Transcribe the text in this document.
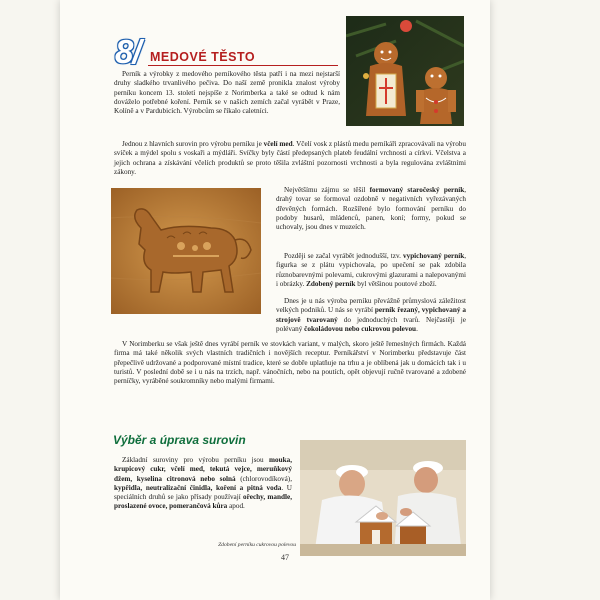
8/ MEDOVÉ TĚSTO

Perník a výrobky z medového perníkového těsta patří i na mezi nejstarší druhy sladkého trvanlivého pečiva. Do naší země pronikla znalost výroby perníku koncem 13. století nejspíše z Norimberka a také se odtud k nám dováželo potřebné koření. Perník se v našich zemích začal vyrábět v Praze, Kolíně a v Pardubicích. Výrobcům se říkalo caletníci.

Jednou z hlavních surovin pro výrobu perníku je včelí med. Včelí vosk z plástů medu perníkáři zpracovávali na výrobu svíček a mýdel spolu s voskaři a mýdláři. Svíčky byly částí předepsaných plateb feudální vrchnosti a církvi. Včelstva a jejich ochrana a získávání včelích produktů se proto těšila zvláštní pozornosti vrchnosti a byla regulována zvláštními zákony.

Největšímu zájmu se těšil formovaný staročeský perník, drahý tovar se formoval ozdobně v negativních vyřezávaných dřevěných formách. Rozšířené bylo formování perníku do podoby husarů, mládenců, panen, koní; formy, pokud se uchovaly, jsou dnes v muzeích.

Později se začal vyrábět jednodušší, tzv. vypichovaný perník, figurka se z plátu vypichovala, po upečení se pak zdobila různobarevnými polevami, cukrovými glazurami a nalepovanými i obrázky. Zdobený perník byl většinou poutové zboží.

Dnes je u nás výroba perníku převážně průmyslová záležitost velkých podniků. U nás se vyrábí perník řezaný, vypichovaný a strojově tvarovaný do jednoduchých tvarů. Nejčastěji je polévaný čokoládovou nebo cukrovou polevou.

V Norimberku se však ještě dnes vyrábí perník ve stovkách variant, v malých, skoro ještě řemeslných firmách. Každá firma má také několik svých vlastních tradičních i novějších receptur. Perníkářství v Norimberku představuje část přepečlivě udržované a podporované místní tradice, které se dobře uplatňuje na trhu a je oblíbená jak u domácích tak i u turistů. V poslední době se i u nás na trzích, např. vánočních, nebo na poutích, opět objevují ručně tvarované a zdobené perníčky, vyráběné soukromníky nebo malými firmami.

Výběr a úprava surovin

Základní suroviny pro výrobu perníku jsou mouka, krupicový cukr, včelí med, tekutá vejce, meruňkový džem, kyselina citronová nebo solná (chlorovodíková), kypřidla, neutralizační činidla, koření a pitná voda. U speciálních druhů se jako přísady používají ořechy, mandle, proslazené ovoce, pomerančová kůra apod.

Zdobení perníku cukrovou polevou
47
